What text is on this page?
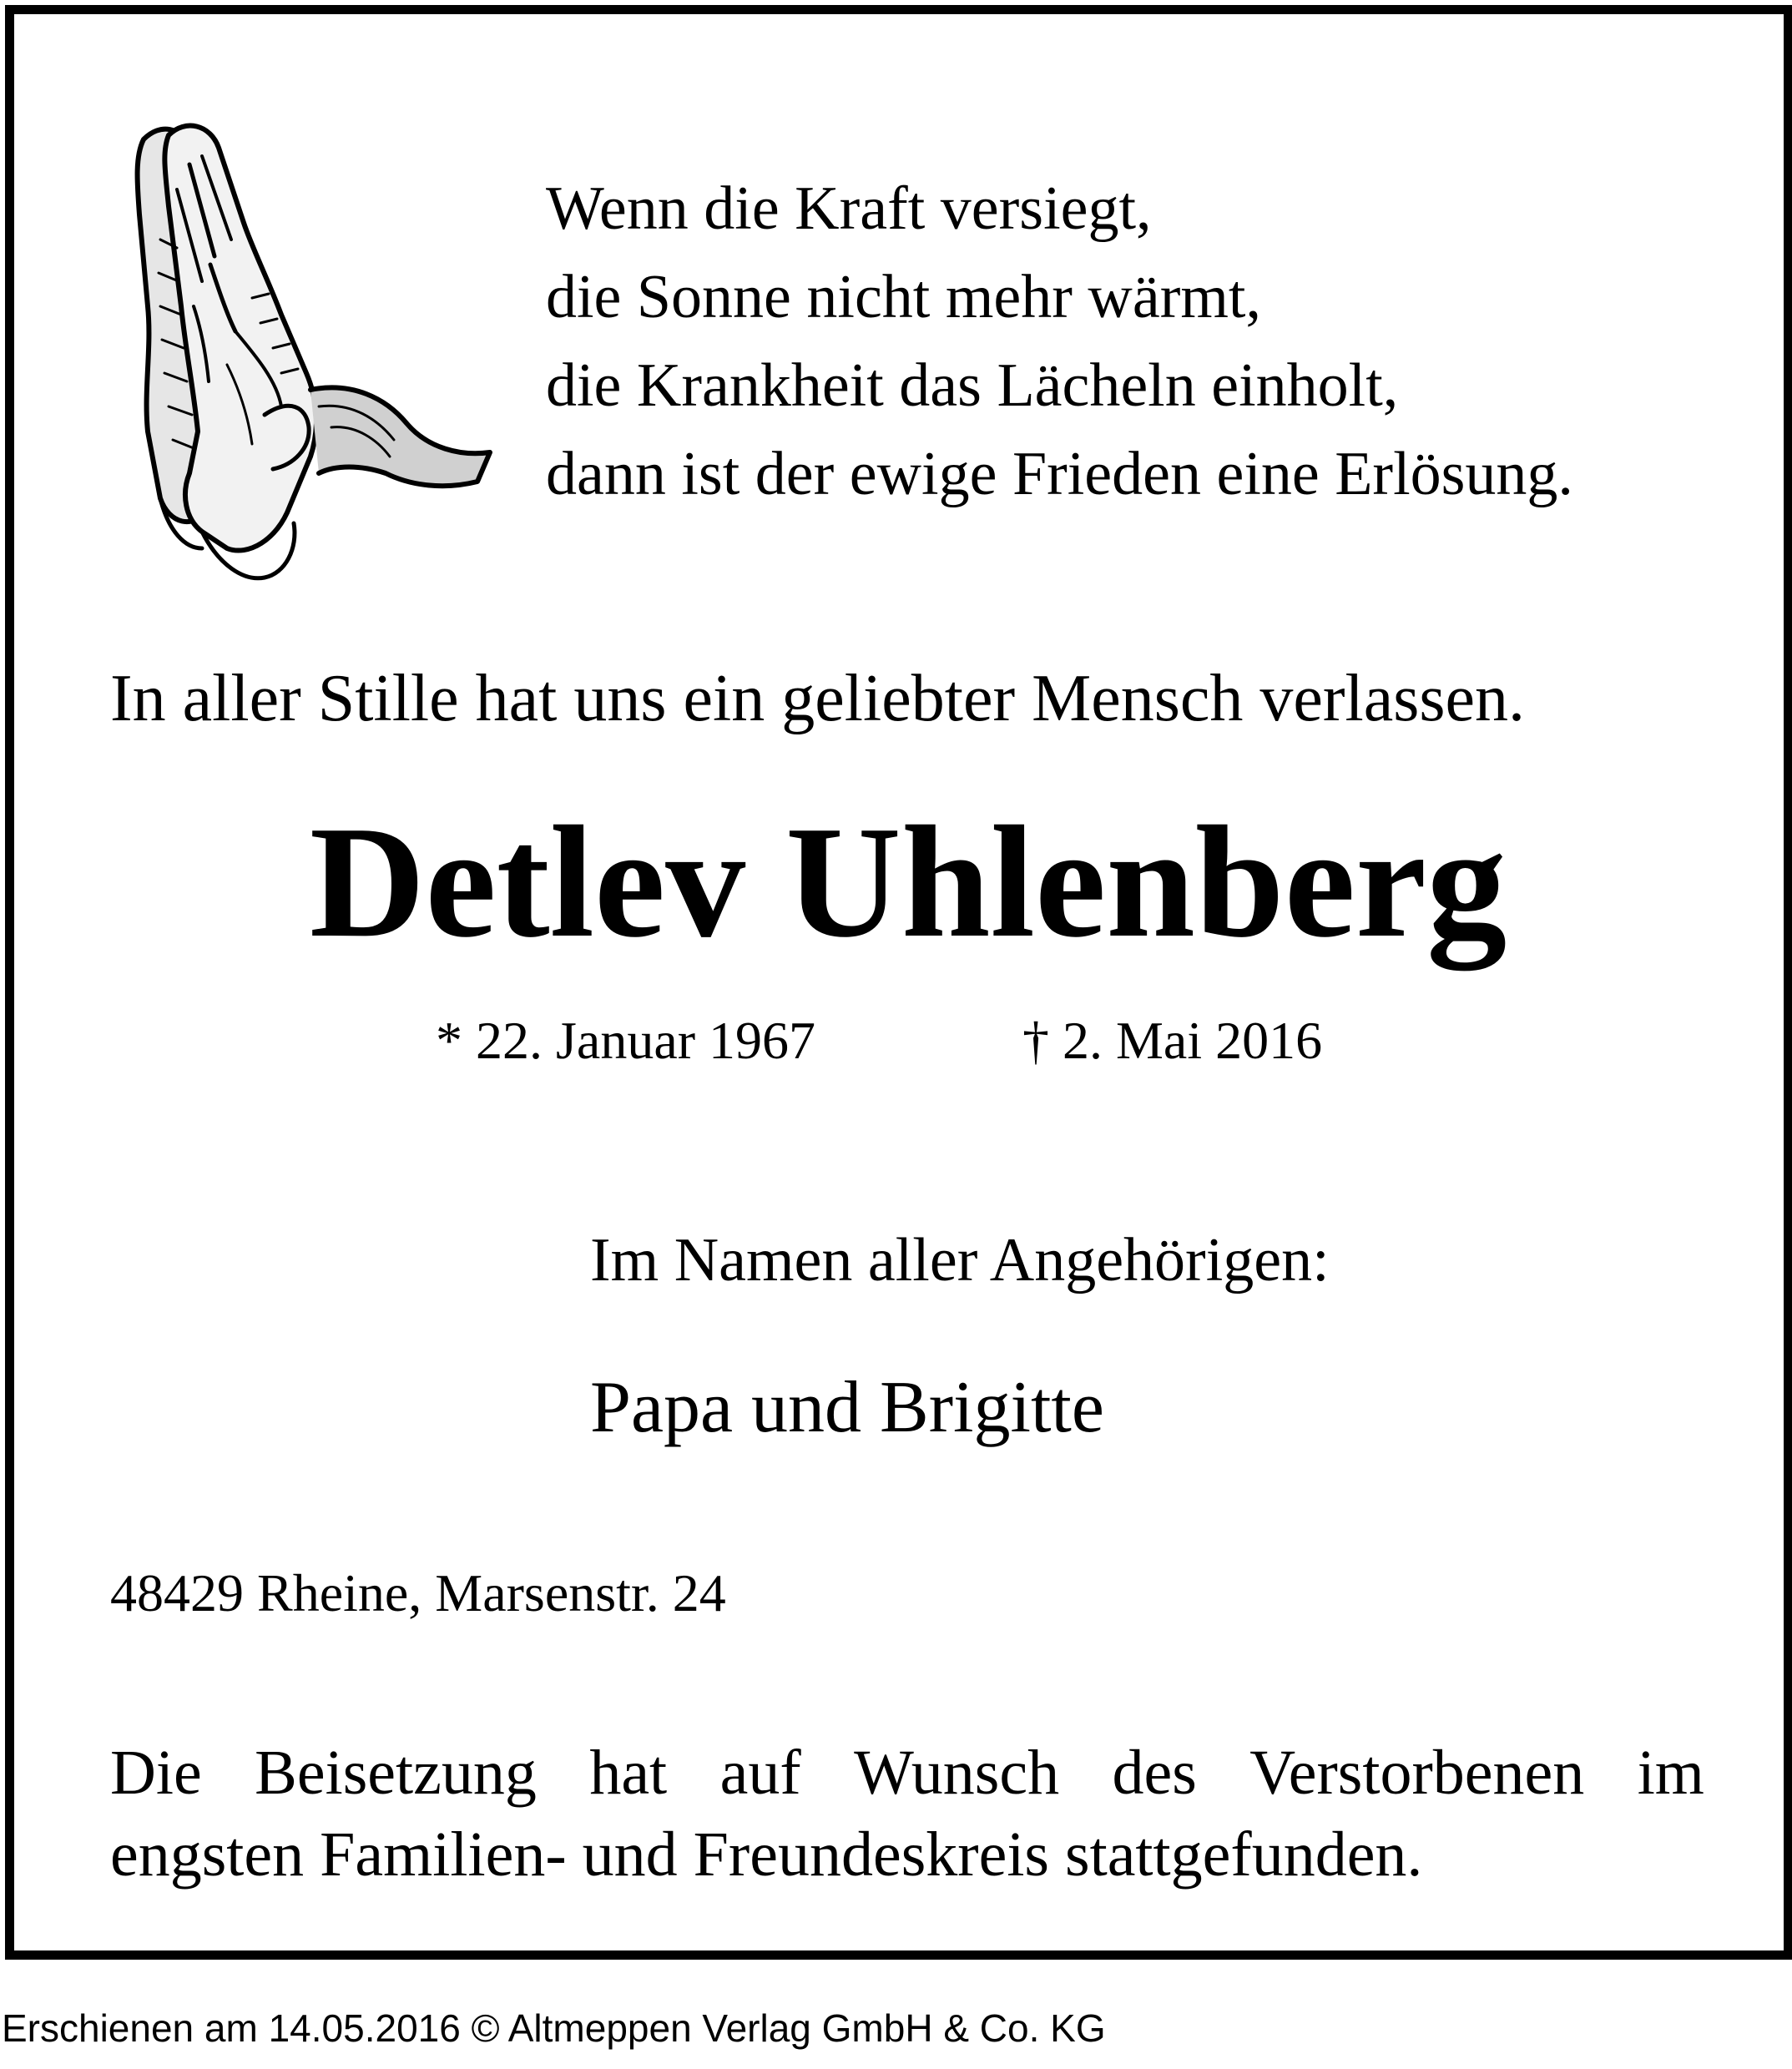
Wenn die Kraft versiegt,
die Sonne nicht mehr wärmt,
die Krankheit das Lächeln einholt,
dann ist der ewige Frieden eine Erlösung.
In aller Stille hat uns ein geliebter Mensch verlassen.
Detlev Uhlenberg
* 22. Januar 1967	† 2. Mai 2016
Im Namen aller Angehörigen:
Papa und Brigitte
48429 Rheine, Marsenstr. 24
Die Beisetzung hat auf Wunsch des Verstorbenen im
engsten Familien- und Freundeskreis stattgefunden.
Erschienen am 14.05.2016 © Altmeppen Verlag GmbH & Co. KG
